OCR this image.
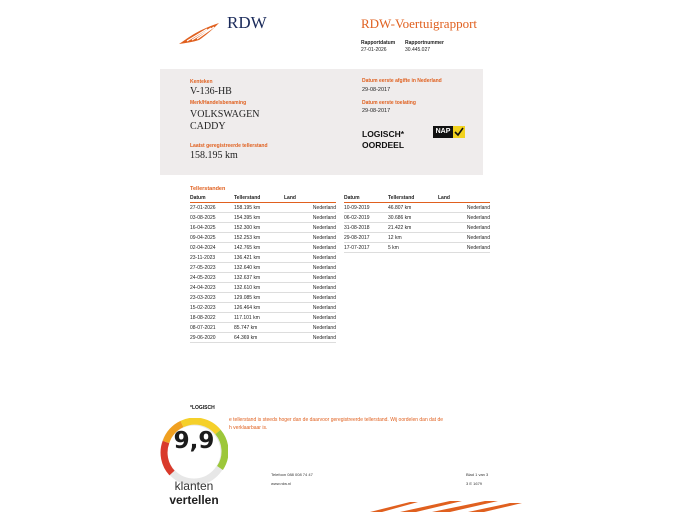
RDW	RDW-Voertuigrapport
Rapportdatum
27-01-2026
Rapportnummer
30.445.027
Kenteken
V-136-HB
Merk/Handelsbenaming
VOLKSWAGEN
CADDY
Laatst geregistreerde tellerstand
158.195 km
Datum eerste afgifte in Nederland
29-08-2017
Datum eerste toelating
29-08-2017
LOGISCH*
OORDEEL
NAP
Tellerstanden
Datum	Tellerstand	Land
27-01-2026	158.195 km	Nederland
03-08-2025	154.395 km	Nederland
16-04-2025	152.300 km	Nederland
09-04-2025	152.253 km	Nederland
02-04-2024	142.765 km	Nederland
23-11-2023	136.421 km	Nederland
27-05-2023	132.640 km	Nederland
24-05-2023	132.637 km	Nederland
24-04-2023	132.610 km	Nederland
23-03-2023	129.085 km	Nederland
15-02-2023	126.464 km	Nederland
18-08-2022	117.101 km	Nederland
08-07-2021	85.747 km	Nederland
29-06-2020	64.369 km	Nederland
Datum	Tellerstand	Land
10-09-2019	46.807 km	Nederland
06-02-2019	30.686 km	Nederland
31-08-2018	21.422 km	Nederland
29-08-2017	12 km	Nederland
17-07-2017	5 km	Nederland
*LOGISCH
e tellerstand is steeds hoger dan de daarvoor geregistreerde tellerstand. Wij oordelen dan dat de
h verklaarbaar is.
Telefoon 088 008 74 47
www.rdw.nl
Blad 1 van 3
3 E 1679
9,9
klanten
vertellen
